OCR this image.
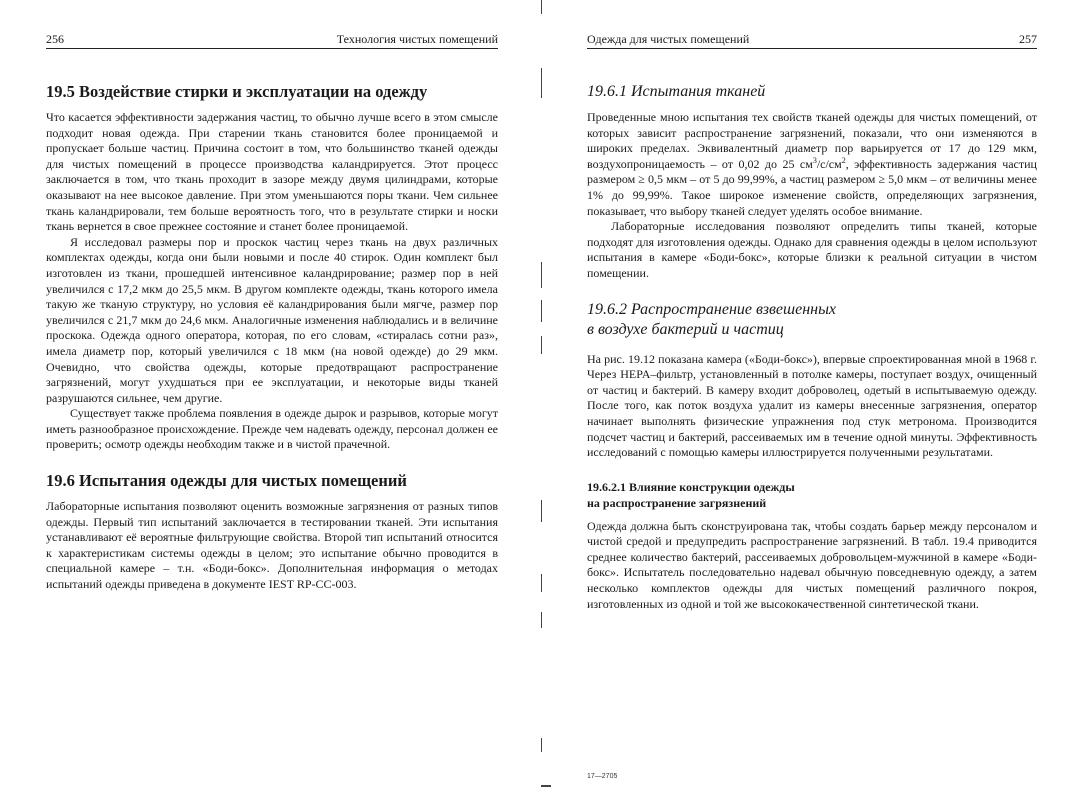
256	Технология чистых помещений
19.5 Воздействие стирки и эксплуатации на одежду

Что касается эффективности задержания частиц, то обычно лучше всего в этом смысле подходит новая одежда. При старении ткань становится более проницаемой и пропускает больше частиц. Причина состоит в том, что большинство тканей одежды для чистых помещений в процессе производства каландрируется. Этот процесс заключается в том, что ткань проходит в зазоре между двумя цилиндрами, которые оказывают на нее высокое давление. При этом уменьшаются поры ткани. Чем сильнее ткань каландрировали, тем больше вероятность того, что в результате стирки и носки ткань вернется в свое прежнее состояние и станет более проницаемой.

Я исследовал размеры пор и проскок частиц через ткань на двух различных комплектах одежды, когда они были новыми и после 40 стирок. Один комплект был изготовлен из ткани, прошедшей интенсивное каландрирование; размер пор в ней увеличился с 17,2 мкм до 25,5 мкм. В другом комплекте одежды, ткань которого имела такую же тканую структуру, но условия её каландрирования были мягче, размер пор увеличился с 21,7 мкм до 24,6 мкм. Аналогичные изменения наблюдались и в величине проскока. Одежда одного оператора, которая, по его словам, «стиралась сотни раз», имела диаметр пор, который увеличился с 18 мкм (на новой одежде) до 29 мкм. Очевидно, что свойства одежды, которые предотвращают распространение загрязнений, могут ухудшаться при ее эксплуатации, и некоторые виды тканей разрушаются сильнее, чем другие.

Существует также проблема появления в одежде дырок и разрывов, которые могут иметь разнообразное происхождение. Прежде чем надевать одежду, персонал должен ее проверить; осмотр одежды необходим также и в чистой прачечной.

19.6 Испытания одежды для чистых помещений

Лабораторные испытания позволяют оценить возможные загрязнения от разных типов одежды. Первый тип испытаний заключается в тестировании тканей. Эти испытания устанавливают её вероятные фильтрующие свойства. Второй тип испытаний относится к характеристикам системы одежды в целом; это испытание обычно проводится в специальной камере – т.н. «Боди-бокс». Дополнительная информация о методах испытаний одежды приведена в документе IEST RP-CC-003.

Одежда для чистых помещений	257
19.6.1 Испытания тканей

Проведенные мною испытания тех свойств тканей одежды для чистых помещений, от которых зависит распространение загрязнений, показали, что они изменяются в широких пределах. Эквивалентный диаметр пор варьируется от 17 до 129 мкм, воздухопроницаемость – от 0,02 до 25 $см^3/с/см^2$, эффективность задержания частиц размером ≥ 0,5 мкм – от 5 до 99,99%, а частиц размером ≥ 5,0 мкм – от величины менее 1% до 99,99%. Такое широкое изменение свойств, определяющих загрязнения, показывает, что выбору тканей следует уделять особое внимание.

Лабораторные исследования позволяют определить типы тканей, которые подходят для изготовления одежды. Однако для сравнения одежды в целом используют испытания в камере «Боди-бокс», которые близки к реальной ситуации в чистом помещении.

19.6.2 Распространение взвешенных
в воздухе бактерий и частиц

На рис. 19.12 показана камера («Боди-бокс»), впервые спроектированная мной в 1968 г. Через HEPA–фильтр, установленный в потолке камеры, поступает воздух, очищенный от частиц и бактерий. В камеру входит доброволец, одетый в испытываемую одежду. После того, как поток воздуха удалит из камеры внесенные загрязнения, оператор начинает выполнять физические упражнения под стук метронома. Производится подсчет частиц и бактерий, рассеиваемых им в течение одной минуты. Эффективность исследований с помощью камеры иллюстрируется полученными результатами.

19.6.2.1 Влияние конструкции одежды
на распространение загрязнений

Одежда должна быть сконструирована так, чтобы создать барьер между персоналом и чистой средой и предупредить распространение загрязнений. В табл. 19.4 приводится среднее количество бактерий, рассеиваемых добровольцем-мужчиной в камере «Боди-бокс». Испытатель последовательно надевал обычную повседневную одежду, а затем несколько комплектов одежды для чистых помещений различного покроя, изготовленных из одной и той же высококачественной синтетической ткани.

17—2705
